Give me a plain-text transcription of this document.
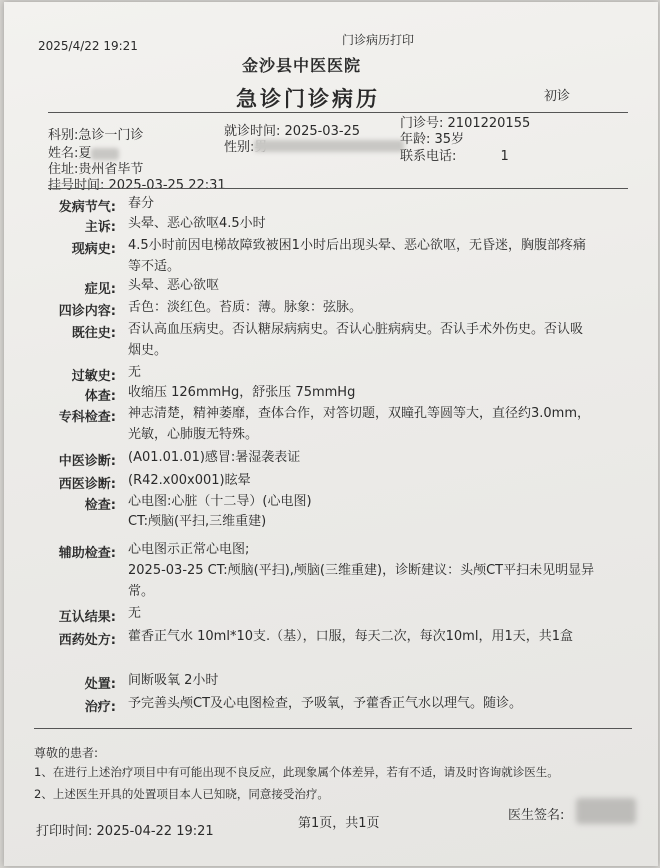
2025/4/22 19:21	门诊病历打印
金沙县中医医院
急诊门诊病历	初诊
科别:急诊一门诊	就诊时间: 2025-03-25
门诊号: 2101220155
姓名:夏	性别:
年龄: 35岁
住址:贵州省毕节
联系电话:	1
挂号时间: 2025-03-25 22:31
发病节气: 春分
主诉: 头晕、恶心欲呕4.5小时
现病史: 4.5小时前因电梯故障致被困1小时后出现头晕、恶心欲呕，无昏迷，胸腹部疼痛等不适。
症见: 头晕、恶心欲呕
四诊内容: 舌色：淡红色。苔质：薄。脉象：弦脉。
既往史: 否认高血压病史。否认糖尿病病史。否认心脏病病史。否认手术外伤史。否认吸烟史。
过敏史: 无
体查: 收缩压 126mmHg，舒张压 75mmHg
专科检查: 神志清楚，精神萎靡，查体合作，对答切题，双瞳孔等圆等大，直径约3.0mm，光敏，心肺腹无特殊。
中医诊断: (A01.01.01)感冒:暑湿袭表证
西医诊断: (R42.x00x001)眩晕
检查: 心电图:心脏（十二导）(心电图)
CT:颅脑(平扫,三维重建)
辅助检查: 心电图示正常心电图;
2025-03-25 CT:颅脑(平扫),颅脑(三维重建)，诊断建议：头颅CT平扫未见明显异常。
互认结果: 无
西药处方: 藿香正气水 10ml*10支.（基），口服，每天二次，每次10ml，用1天，共1盒
处置: 间断吸氧 2小时
治疗: 予完善头颅CT及心电图检查，予吸氧，予藿香正气水以理气。随诊。
尊敬的患者:
1、在进行上述治疗项目中有可能出现不良反应，此现象属个体差异，若有不适，请及时咨询就诊医生。
2、上述医生开具的处置项目本人已知晓，同意接受治疗。
医生签名:
打印时间: 2025-04-22 19:21
第1页，共1页
